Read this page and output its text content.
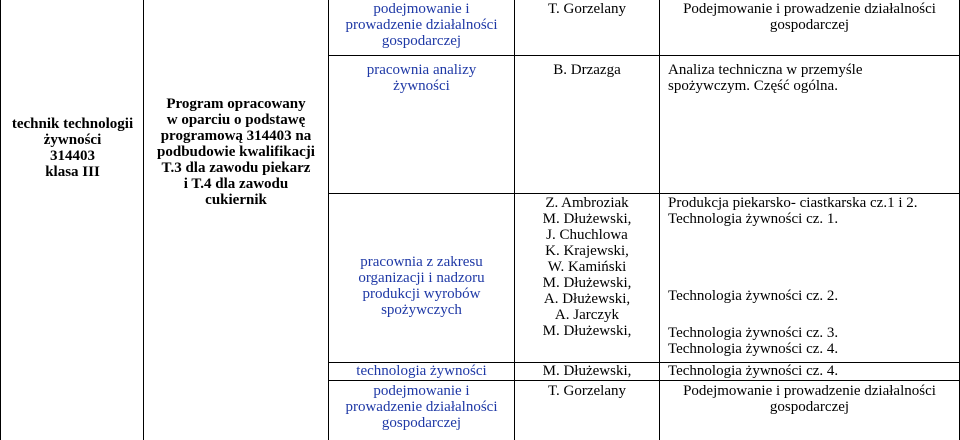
technik technologii
żywności
314403
klasa III
Program opracowany
w oparciu o podstawę
programową 314403 na
podbudowie kwalifikacji
T.3 dla zawodu piekarz
i T.4 dla zawodu
cukiernik
podejmowanie i
prowadzenie działalności
gospodarczej
pracownia analizy
żywności
pracownia z zakresu
organizacji i nadzoru
produkcji wyrobów
spożywczych
technologia żywności
podejmowanie i
prowadzenie działalności
gospodarczej
T. Gorzelany
B. Drzazga
Z. Ambroziak
M. Dłużewski,
J. Chuchlowa
K. Krajewski,
W. Kamiński
M. Dłużewski,
A. Dłużewski,
A. Jarczyk
M. Dłużewski,
M. Dłużewski,
T. Gorzelany
Podejmowanie i prowadzenie działalności
gospodarczej
Analiza techniczna w przemyśle
spożywczym. Część ogólna.
Produkcja piekarsko- ciastkarska cz.1 i 2.
Technologia żywności cz. 1.
Technologia żywności cz. 2.
Technologia żywności cz. 3.
Technologia żywności cz. 4.
Technologia żywności cz. 4.
Podejmowanie i prowadzenie działalności
gospodarczej
